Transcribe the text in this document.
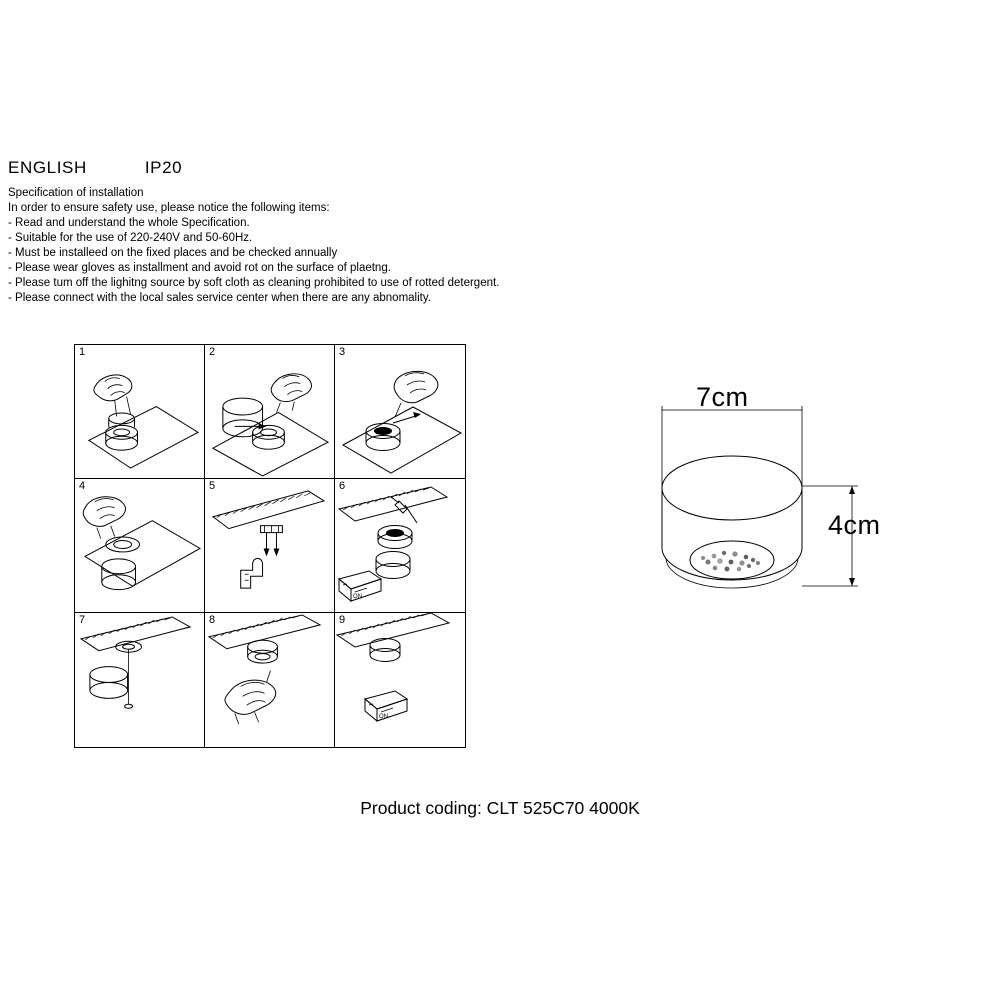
ENGLISH	IP20
Specification of installation
In order to ensure safety use, please notice the following items:
- Read and understand the whole Specification.
- Suitable for the use of 220-240V and 50-60Hz.
- Must be installeed on the fixed places and be checked annually
- Please wear gloves as installment and avoid rot on the surface of plaetng.
- Please tum off the lighitng source by soft cloth as cleaning prohibited to use of rotted detergent.
- Please connect with the local sales service center when there are any abnomality.
1	2	3
4	5	6
ON
7	8	9
ON
7cm
4cm
Product coding: CLT 525C70 4000K
